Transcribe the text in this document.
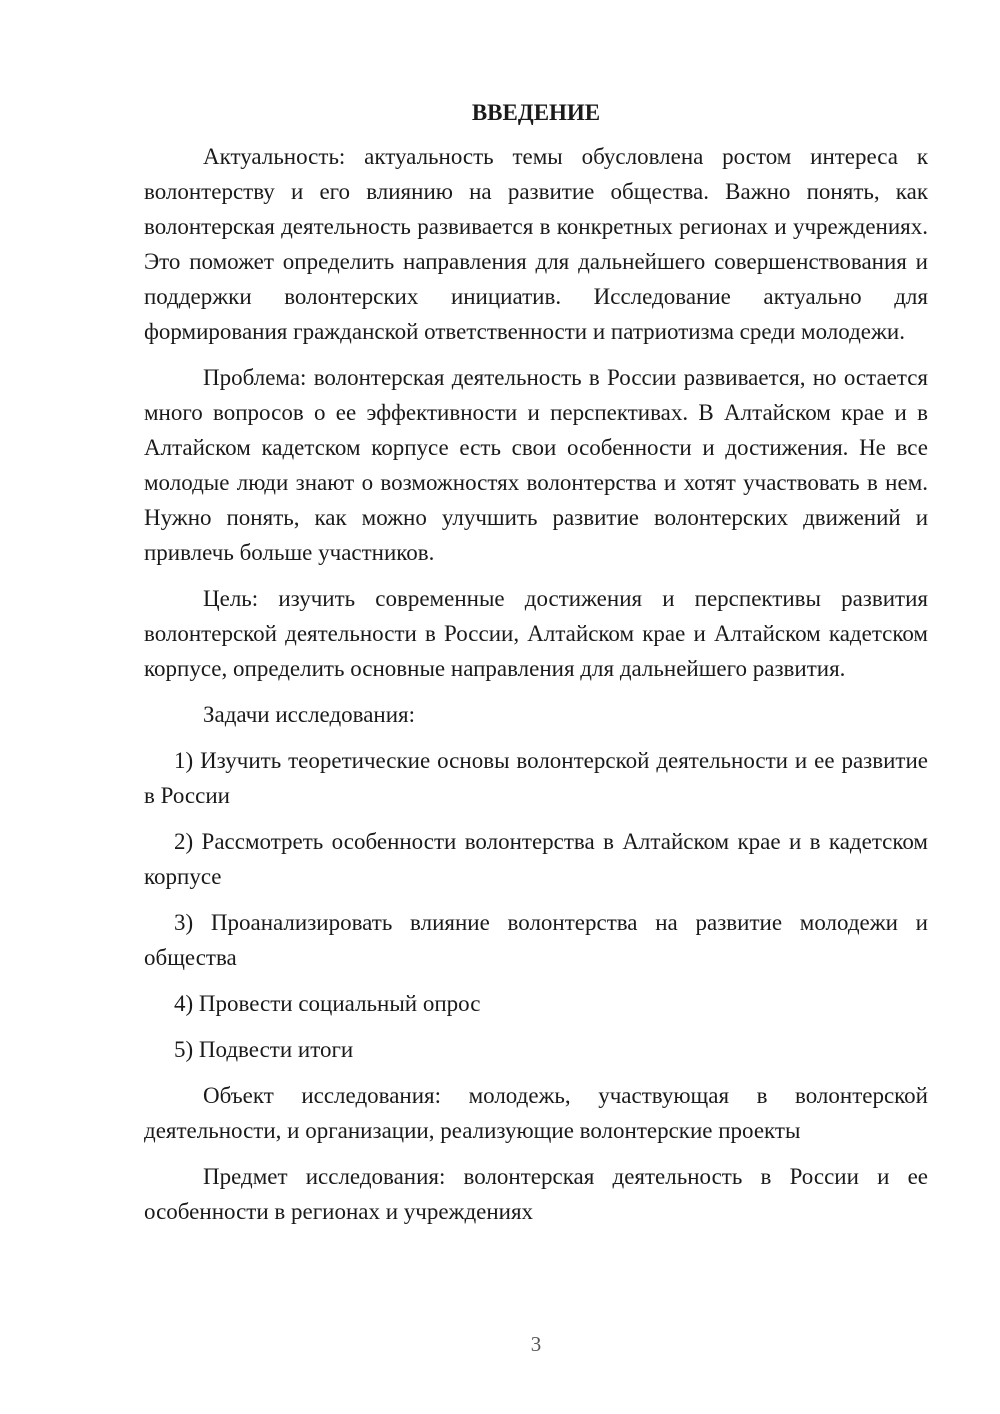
ВВЕДЕНИЕ

Актуальность: актуальность темы обусловлена ростом интереса к волонтерству и его влиянию на развитие общества. Важно понять, как волонтерская деятельность развивается в конкретных регионах и учреждениях. Это поможет определить направления для дальнейшего совершенствования и поддержки волонтерских инициатив. Исследование актуально для формирования гражданской ответственности и патриотизма среди молодежи.

Проблема: волонтерская деятельность в России развивается, но остается много вопросов о ее эффективности и перспективах. В Алтайском крае и в Алтайском кадетском корпусе есть свои особенности и достижения. Не все молодые люди знают о возможностях волонтерства и хотят участвовать в нем. Нужно понять, как можно улучшить развитие волонтерских движений и привлечь больше участников.

Цель: изучить современные достижения и перспективы развития волонтерской деятельности в России, Алтайском крае и Алтайском кадетском корпусе, определить основные направления для дальнейшего развития.

Задачи исследования:

1) Изучить теоретические основы волонтерской деятельности и ее развитие в России

2) Рассмотреть особенности волонтерства в Алтайском крае и в кадетском корпусе

3) Проанализировать влияние волонтерства на развитие молодежи и общества

4) Провести социальный опрос

5) Подвести итоги

Объект исследования: молодежь, участвующая в волонтерской деятельности, и организации, реализующие волонтерские проекты

Предмет исследования: волонтерская деятельность в России и ее особенности в регионах и учреждениях

3
